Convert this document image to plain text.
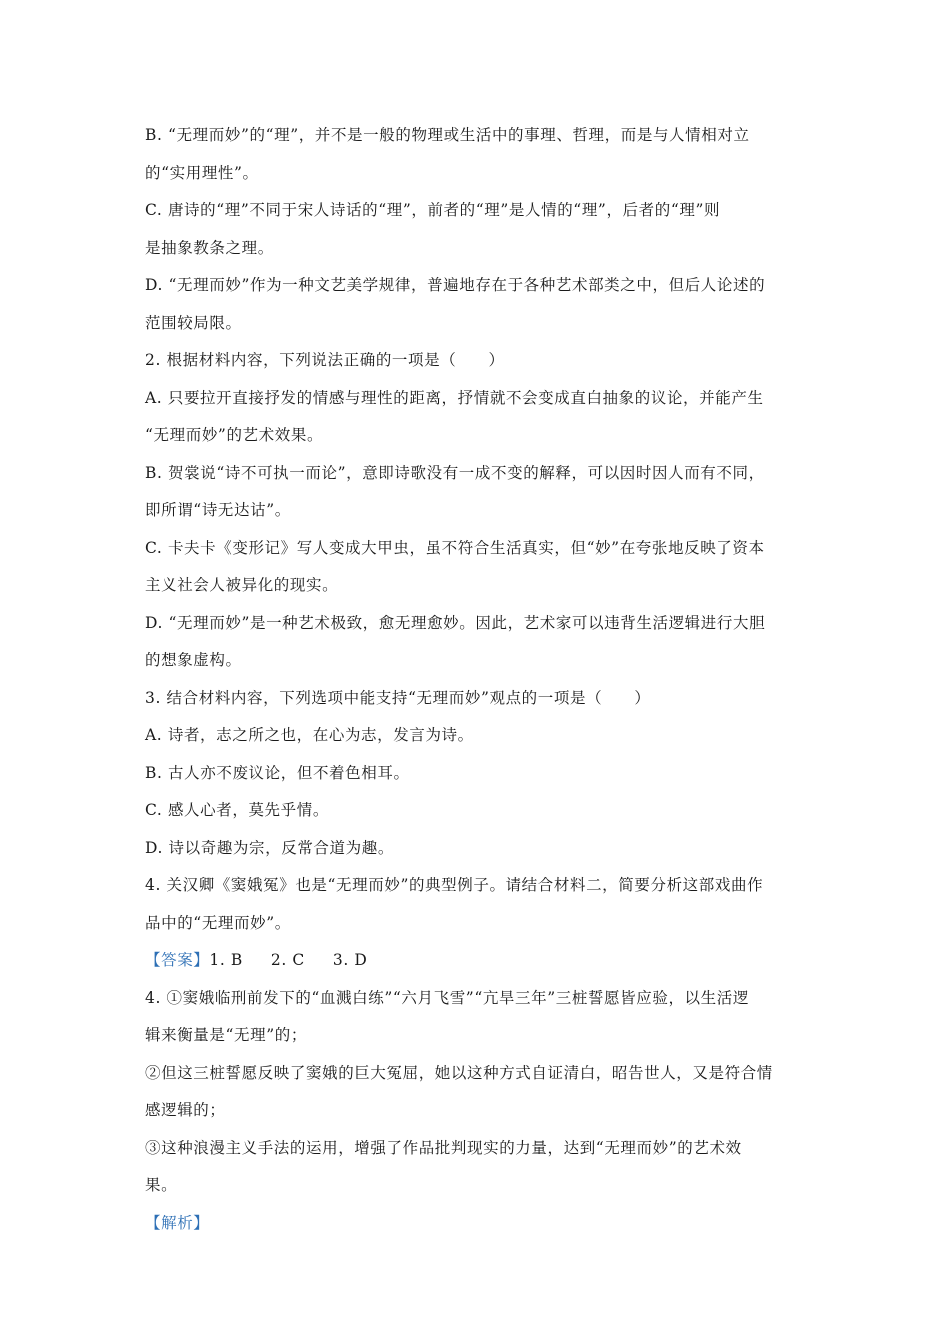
B. “无理而妙”的“理”，并不是一般的物理或生活中的事理、哲理，而是与人情相对立
的“实用理性”。
C. 唐诗的“理”不同于宋人诗话的“理”，前者的“理”是人情的“理”，后者的“理”则
是抽象教条之理。
D. “无理而妙”作为一种文艺美学规律，普遍地存在于各种艺术部类之中，但后人论述的
范围较局限。
2. 根据材料内容，下列说法正确的一项是（　　）
A. 只要拉开直接抒发的情感与理性的距离，抒情就不会变成直白抽象的议论，并能产生
“无理而妙”的艺术效果。
B. 贺裳说“诗不可执一而论”，意即诗歌没有一成不变的解释，可以因时因人而有不同，
即所谓“诗无达诂”。
C. 卡夫卡《变形记》写人变成大甲虫，虽不符合生活真实，但“妙”在夸张地反映了资本
主义社会人被异化的现实。
D. “无理而妙”是一种艺术极致，愈无理愈妙。因此，艺术家可以违背生活逻辑进行大胆
的想象虚构。
3. 结合材料内容，下列选项中能支持“无理而妙”观点的一项是（　　）
A. 诗者，志之所之也，在心为志，发言为诗。
B. 古人亦不废议论，但不着色相耳。
C. 感人心者，莫先乎情。
D. 诗以奇趣为宗，反常合道为趣。
4. 关汉卿《窦娥冤》也是“无理而妙”的典型例子。请结合材料二，简要分析这部戏曲作
品中的“无理而妙”。
【答案】1. B 2. C 3. D
4. ①窦娥临刑前发下的“血溅白练”“六月飞雪”“亢旱三年”三桩誓愿皆应验，以生活逻
辑来衡量是“无理”的；
②但这三桩誓愿反映了窦娥的巨大冤屈，她以这种方式自证清白，昭告世人，又是符合情
感逻辑的；
③这种浪漫主义手法的运用，增强了作品批判现实的力量，达到“无理而妙”的艺术效
果。
【解析】
